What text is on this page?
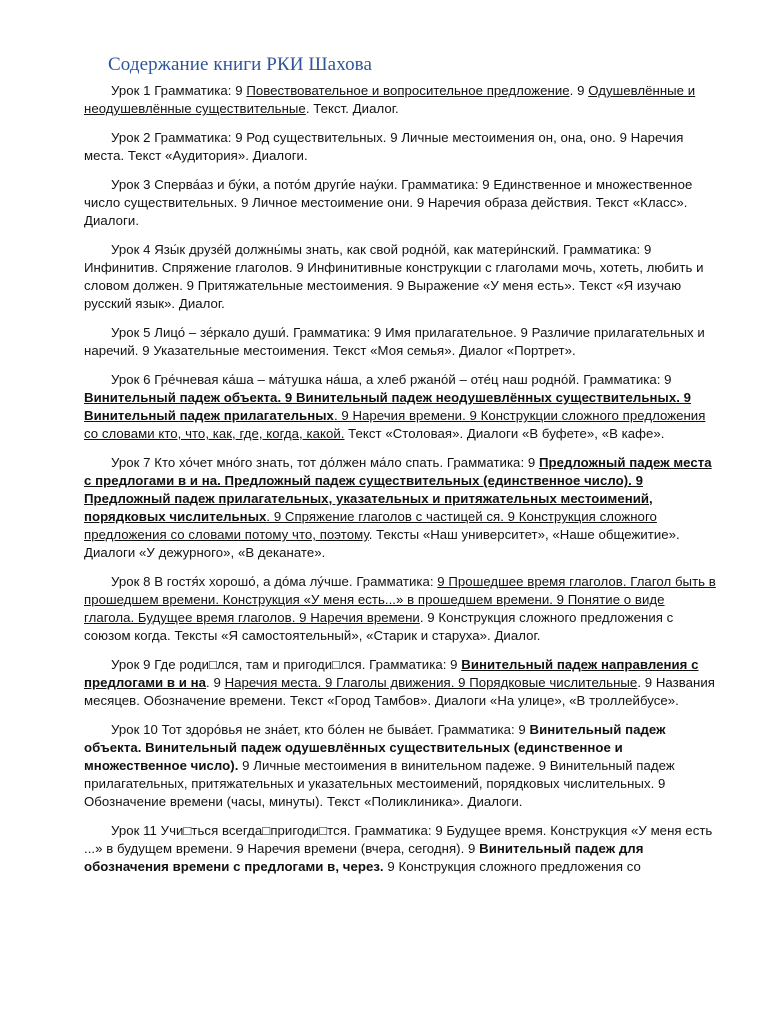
Содержание книги РКИ Шахова

Урок 1 Грамматика: 9 Повествовательное и вопросительное предложение. 9 Одушевлённые и неодушевлённые существительные. Текст. Диалог.

Урок 2 Грамматика: 9 Род существительных. 9 Личные местоимения он, она, оно. 9 Наречия места. Текст «Аудитория». Диалоги.

Урок 3 Сперва́аз и бу́ки, а пото́м други́е нау́ки. Грамматика: 9 Единственное и множественное число существительных. 9 Личное местоимение они. 9 Наречия образа действия. Текст «Класс». Диалоги.

Урок 4 Язы́к друзе́й должны́мы знать, как свой родно́й, как матери́нский. Грамматика: 9 Инфинитив. Спряжение глаголов. 9 Инфинитивные конструкции с глаголами мочь, хотеть, любить и словом должен. 9 Притяжательные местоимения. 9 Выражение «У меня есть». Текст «Я изучаю русский язык». Диалог.

Урок 5 Лицо́ – зе́ркало души́. Грамматика: 9 Имя прилагательное. 9 Различие прилагательных и наречий. 9 Указательные местоимения. Текст «Моя семья». Диалог «Портрет».

Урок 6 Гре́чневая ка́ша – ма́тушка на́ша, а хлеб ржано́й – оте́ц наш родно́й. Грамматика: 9 Винительный падеж объекта. 9 Винительный падеж неодушевлённых существительных. 9 Винительный падеж прилагательных. 9 Наречия времени. 9 Конструкции сложного предложения со словами кто, что, как, где, когда, какой. Текст «Столовая». Диалоги «В буфете», «В кафе».

Урок 7 Кто хо́чет мно́го знать, тот до́лжен ма́ло спать. Грамматика: 9 Предложный падеж места с предлогами в и на. Предложный падеж существительных (единственное число). 9 Предложный падеж прилагательных, указательных и притяжательных местоимений, порядковых числительных. 9 Спряжение глаголов с частицей ся. 9 Конструкция сложного предложения со словами потому что, поэтому. Тексты «Наш университет», «Наше общежитие». Диалоги «У дежурного», «В деканате».

Урок 8 В гостя́х хорошо́, а до́ма лу́чше. Грамматика: 9 Прошедшее время глаголов. Глагол быть в прошедшем времени. Конструкция «У меня есть...» в прошедшем времени. 9 Понятие о виде глагола. Будущее время глаголов. 9 Наречия времени. 9 Конструкция сложного предложения с союзом когда. Тексты «Я самостоятельный», «Старик и старуха». Диалог.

Урок 9 Где роди□лся, там и пригоди□лся. Грамматика: 9 Винительный падеж направления с предлогами в и на. 9 Наречия места. 9 Глаголы движения. 9 Порядковые числительные. 9 Названия месяцев. Обозначение времени. Текст «Город Тамбов». Диалоги «На улице», «В троллейбусе».

Урок 10 Тот здоро́вья не зна́ет, кто бо́лен не быва́ет. Грамматика: 9 Винительный падеж объекта. Винительный падеж одушевлённых существительных (единственное и множественное число). 9 Личные местоимения в винительном падеже. 9 Винительный падеж прилагательных, притяжательных и указательных местоимений, порядковых числительных. 9 Обозначение времени (часы, минуты). Текст «Поликлиника». Диалоги.

Урок 11 Учи□ться всегда□пригоди□тся. Грамматика: 9 Будущее время. Конструкция «У меня есть ...» в будущем времени. 9 Наречия времени (вчера, сегодня). 9 Винительный падеж для обозначения времени с предлогами в, через. 9 Конструкция сложного предложения со
